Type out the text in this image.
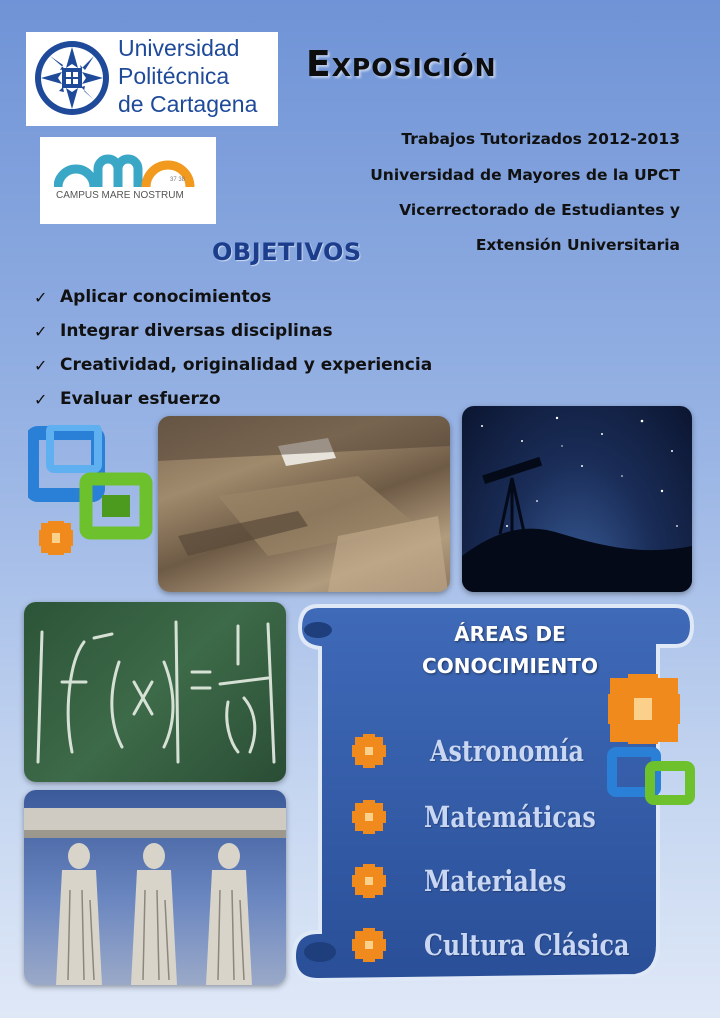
Universidad
Politécnica
de Cartagena
37 38
CAMPUS MARE NOSTRUM
Exposición
Trabajos Tutorizados 2012-2013
Universidad de Mayores de la UPCT
Vicerrectorado de Estudiantes y
Extensión Universitaria
OBJETIVOS
✓ Aplicar conocimientos
✓ Integrar diversas disciplinas
✓ Creatividad, originalidad y experiencia
✓ Evaluar esfuerzo
ÁREAS DE
CONOCIMIENTO
Astronomía
Matemáticas
Materiales
Cultura Clásica
